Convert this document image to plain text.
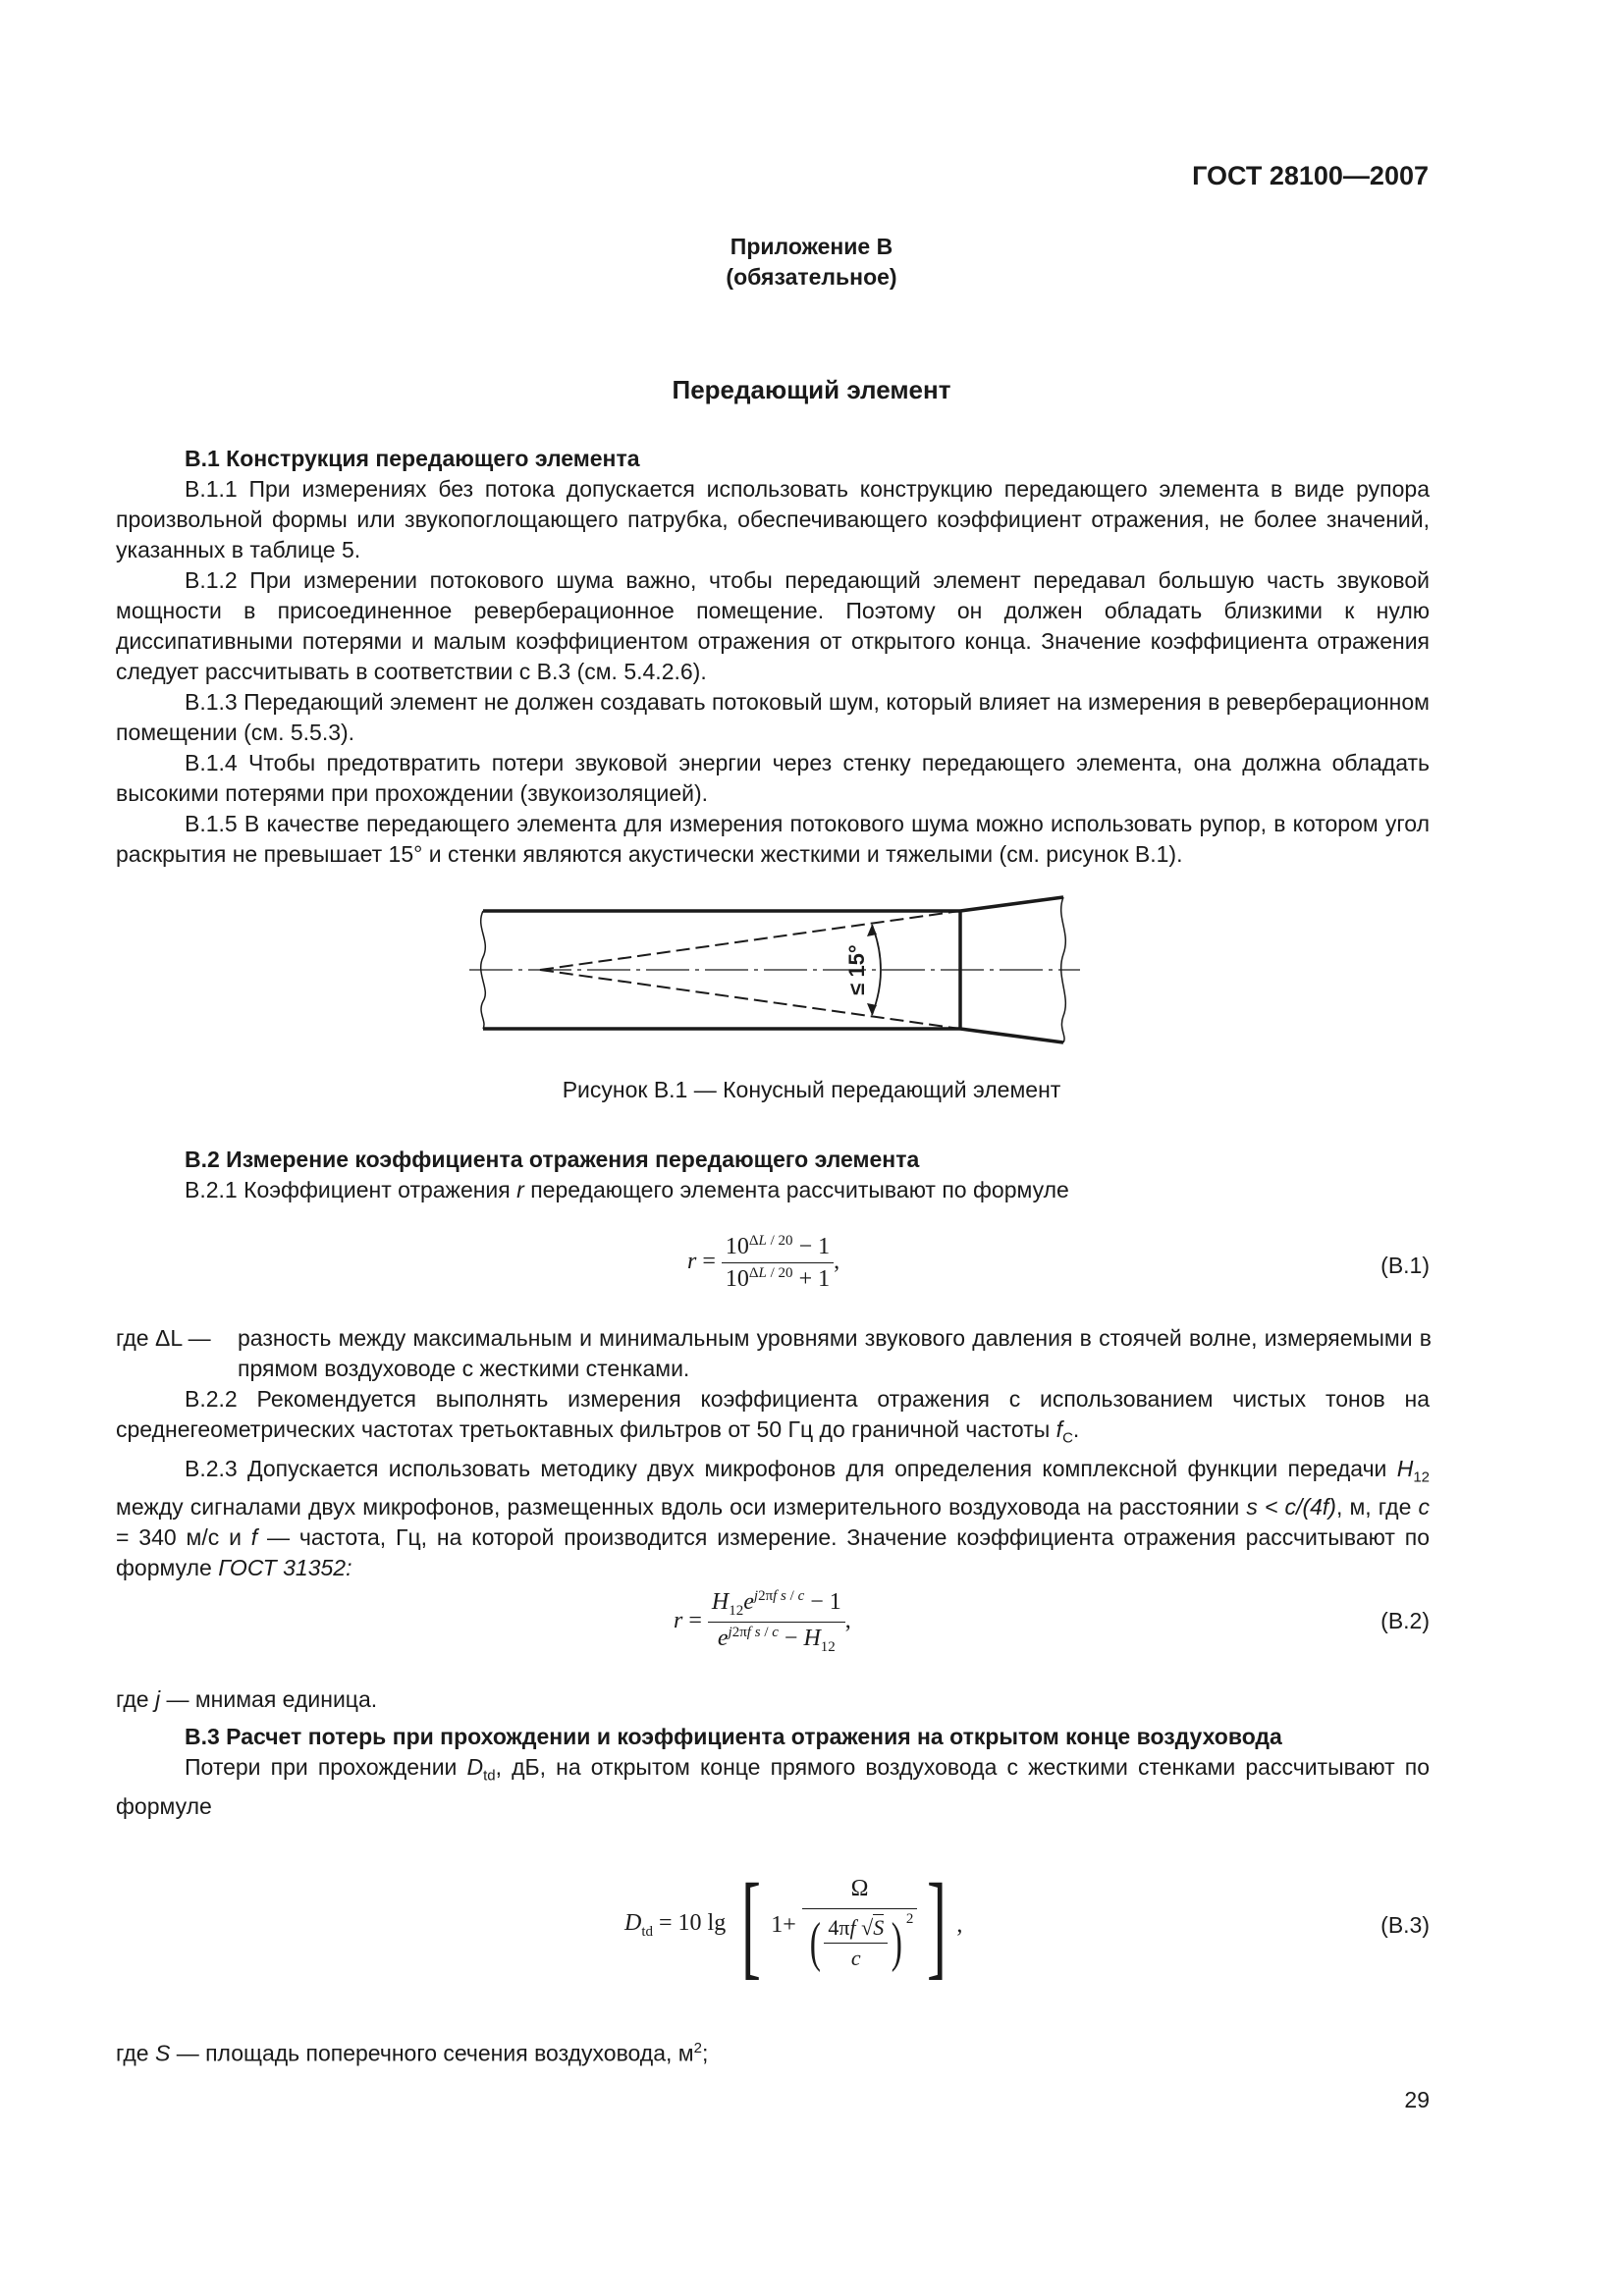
ГОСТ 28100—2007
Приложение В
(обязательное)
Передающий элемент

В.1 Конструкция передающего элемента

В.1.1 При измерениях без потока допускается использовать конструкцию передающего элемента в виде рупора произвольной формы или звукопоглощающего патрубка, обеспечивающего коэффициент отражения, не более значений, указанных в таблице 5.

В.1.2 При измерении потокового шума важно, чтобы передающий элемент передавал большую часть звуковой мощности в присоединенное реверберационное помещение. Поэтому он должен обладать близкими к нулю диссипативными потерями и малым коэффициентом отражения от открытого конца. Значение коэффициента отражения следует рассчитывать в соответствии с В.3 (см. 5.4.2.6).

В.1.3 Передающий элемент не должен создавать потоковый шум, который влияет на измерения в реверберационном помещении (см. 5.5.3).

В.1.4 Чтобы предотвратить потери звуковой энергии через стенку передающего элемента, она должна обладать высокими потерями при прохождении (звукоизоляцией).

В.1.5 В качестве передающего элемента для измерения потокового шума можно использовать рупор, в котором угол раскрытия не превышает 15° и стенки являются акустически жесткими и тяжелыми (см. рисунок В.1).

≤ 15°
Рисунок В.1 — Конусный передающий элемент

В.2 Измерение коэффициента отражения передающего элемента

В.2.1 Коэффициент отражения r передающего элемента рассчитывают по формуле

$r = \frac{10^{\Delta L / 20} - 1}{10^{\Delta L / 20} + 1}$ ,	(В.1)
где ΔL —	разность между максимальным и минимальным уровнями звукового давления в стоячей волне, измеряемыми в прямом воздуховоде с жесткими стенками.

В.2.2 Рекомендуется выполнять измерения коэффициента отражения с использованием чистых тонов на среднегеометрических частотах третьоктавных фильтров от 50 Гц до граничной частоты $f_C$.

В.2.3 Допускается использовать методику двух микрофонов для определения комплексной функции передачи $H_{12}$ между сигналами двух микрофонов, размещенных вдоль оси измерительного воздуховода на расстоянии s < c/(4f), м, где c = 340 м/с и f — частота, Гц, на которой производится измерение. Значение коэффициента отражения рассчитывают по формуле ГОСТ 31352:

$r = \frac{H_{12}e^{j2\pi f s / c} - 1}{e^{j2\pi f s / c} - H_{12}}$ ,	(В.2)
где j — мнимая единица.

В.3 Расчет потерь при прохождении и коэффициента отражения на открытом конце воздуховода

Потери при прохождении $D_{td}$, дБ, на открытом конце прямого воздуховода с жесткими стенками рассчитывают по формуле

$D_{td} = 10$ lg [ $1+ \frac{\Omega}{( \frac{4\pi f √S}{c} )^2}$ ] ,	(В.3)
где S — площадь поперечного сечения воздуховода, $м^2$;
29
